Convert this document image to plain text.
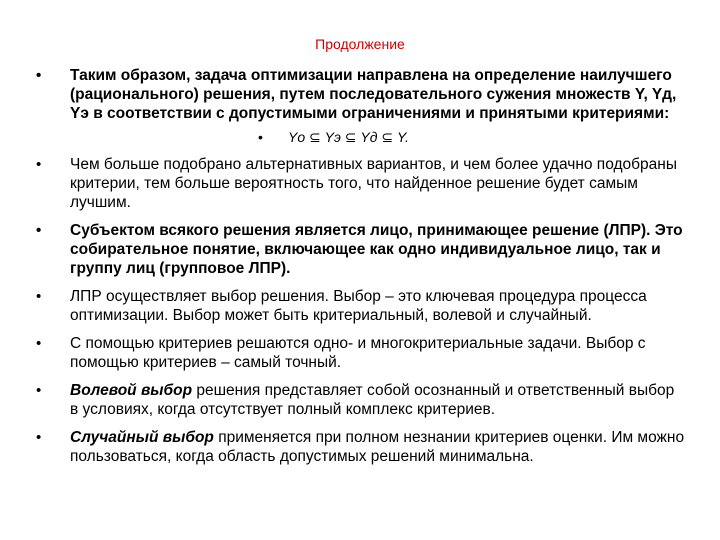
Продолжение
• Таким образом, задача оптимизации направлена на определение наилучшего (рационального) решения, путем последовательного сужения множеств Y, Yд, Yэ в соответствии с допустимыми ограничениями и принятыми критериями:
•	Yо ⊆ Yэ ⊆ Yд ⊆ Y.
• Чем больше подобрано альтернативных вариантов, и чем более удачно подобраны критерии, тем больше вероятность того, что найденное решение будет самым лучшим.
• Субъектом всякого решения является лицо, принимающее решение (ЛПР). Это собирательное понятие, включающее как одно индивидуальное лицо, так и группу лиц (групповое ЛПР).
• ЛПР осуществляет выбор решения. Выбор – это ключевая процедура процесса оптимизации. Выбор может быть критериальный, волевой и случайный.
• С помощью критериев решаются одно- и многокритериальные задачи. Выбор с помощью критериев – самый точный.
• Волевой выбор решения представляет собой осознанный и ответственный выбор в условиях, когда отсутствует полный комплекс критериев.
• Случайный выбор применяется при полном незнании критериев оценки. Им можно пользоваться, когда область допустимых решений минимальна.
